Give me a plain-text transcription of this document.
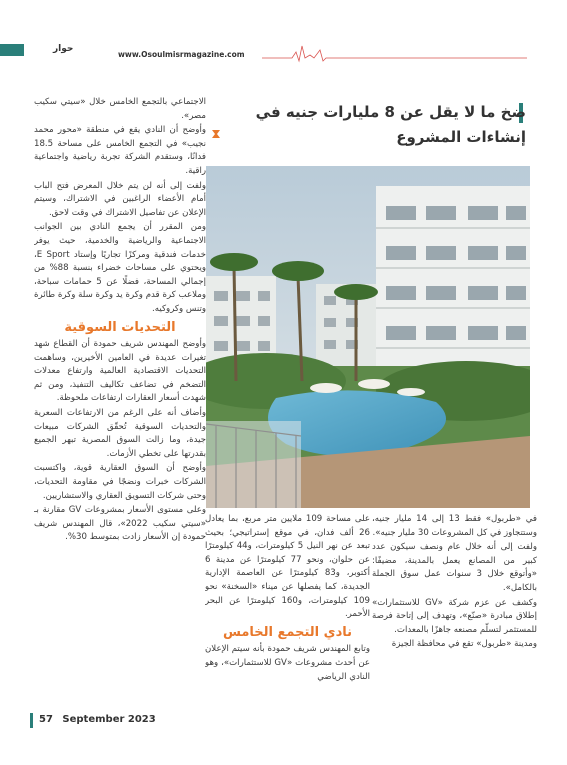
حوار
www.Osoulmisrmagazine.com
ضخ ما لا يقل عن 8 مليارات جنيه في إنشاءات المشروع

الاجتماعي بالتجمع الخامس خلال «سيتي سكيب مصر».

وأوضح أن النادي يقع في منطقة «محور محمد نجيب» في التجمع الخامس على مساحة 18.5 فدانًا، وستقدم الشركة تجربة رياضية واجتماعية راقية.

ولفت إلى أنه لن يتم خلال المعرض فتح الباب أمام الأعضاء الراغبين في الاشتراك، وسيتم الإعلان عن تفاصيل الاشتراك في وقت لاحق.

ومن المقرر أن يجمع النادي بين الجوانب الاجتماعية والرياضية والخدمية، حيث يوفر خدمات فندقية ومركزًا تجاريًا وإستاد E Sport، ويحتوي على مساحات خضراء بنسبة 88% من إجمالي المساحة، فضلًا عن 5 حمامات سباحة، وملاعب كرة قدم وكرة يد وكرة سلة وكرة طائرة وتنس وكروكيه.

التحديات السوقية

وأوضح المهندس شريف حمودة أن القطاع شهد تغيرات عديدة في العامين الأخيرين، وساهمت التحديات الاقتصادية العالمية وارتفاع معدلات التضخم في تضاعف تكاليف التنفيذ، ومن ثم شهدت أسعار العقارات ارتفاعات ملحوظة.

وأضاف أنه على الرغم من الارتفاعات السعرية والتحديات السوقية تُحقّق الشركات مبيعات جيدة، وما زالت السوق المصرية تبهر الجميع بقدرتها على تخطي الأزمات.

وأوضح أن السوق العقارية قوية، واكتسبت الشركات خبرات ونضجًا في مقاومة التحديات، وحتى شركات التسويق العقاري والاستشاريين.

وعلى مستوى الأسعار بمشروعات GV مقارنة بـ «سيتي سكيب 2022»، قال المهندس شريف حمودة إن الأسعار زادت بمتوسط 30%.

على مساحة 109 ملايين متر مربع، بما يعادل 26 ألف فدان، في موقع إستراتيجي؛ بحيث تبعد عن نهر النيل 5 كيلومترات، و44 كيلومترًا عن حلوان، ونحو 77 كيلومترًا عن مدينة 6 أكتوبر، و83 كيلومترًا عن العاصمة الإدارية الجديدة، كما يفصلها عن ميناء «السخنة» نحو 109 كيلومترات، و160 كيلومترًا عن البحر الأحمر.

نادي التجمع الخامس

وتابع المهندس شريف حمودة بأنه سيتم الإعلان عن أحدث مشروعات «GV للاستثمارات»، وهو النادي الرياضي

في «طربول» فقط 13 إلى 14 مليار جنيه، وستتجاوز في كل المشروعات 30 مليار جنيه».

ولفت إلى أنه خلال عام ونصف سيكون عدد كبير من المصانع يعمل بالمدينة، مضيفًا: «وأتوقع خلال 3 سنوات عمل سوق الجملة بالكامل».

وكشف عن عزم شركة «GV للاستثمارات» إطلاق مبادرة «صنّع»، وتهدف إلى إتاحة فرصة للمستثمر لتسلّم مصنعه جاهزًا بالمعدات.

ومدينة «طربول» تقع في محافظة الجيزة

57 September 2023
